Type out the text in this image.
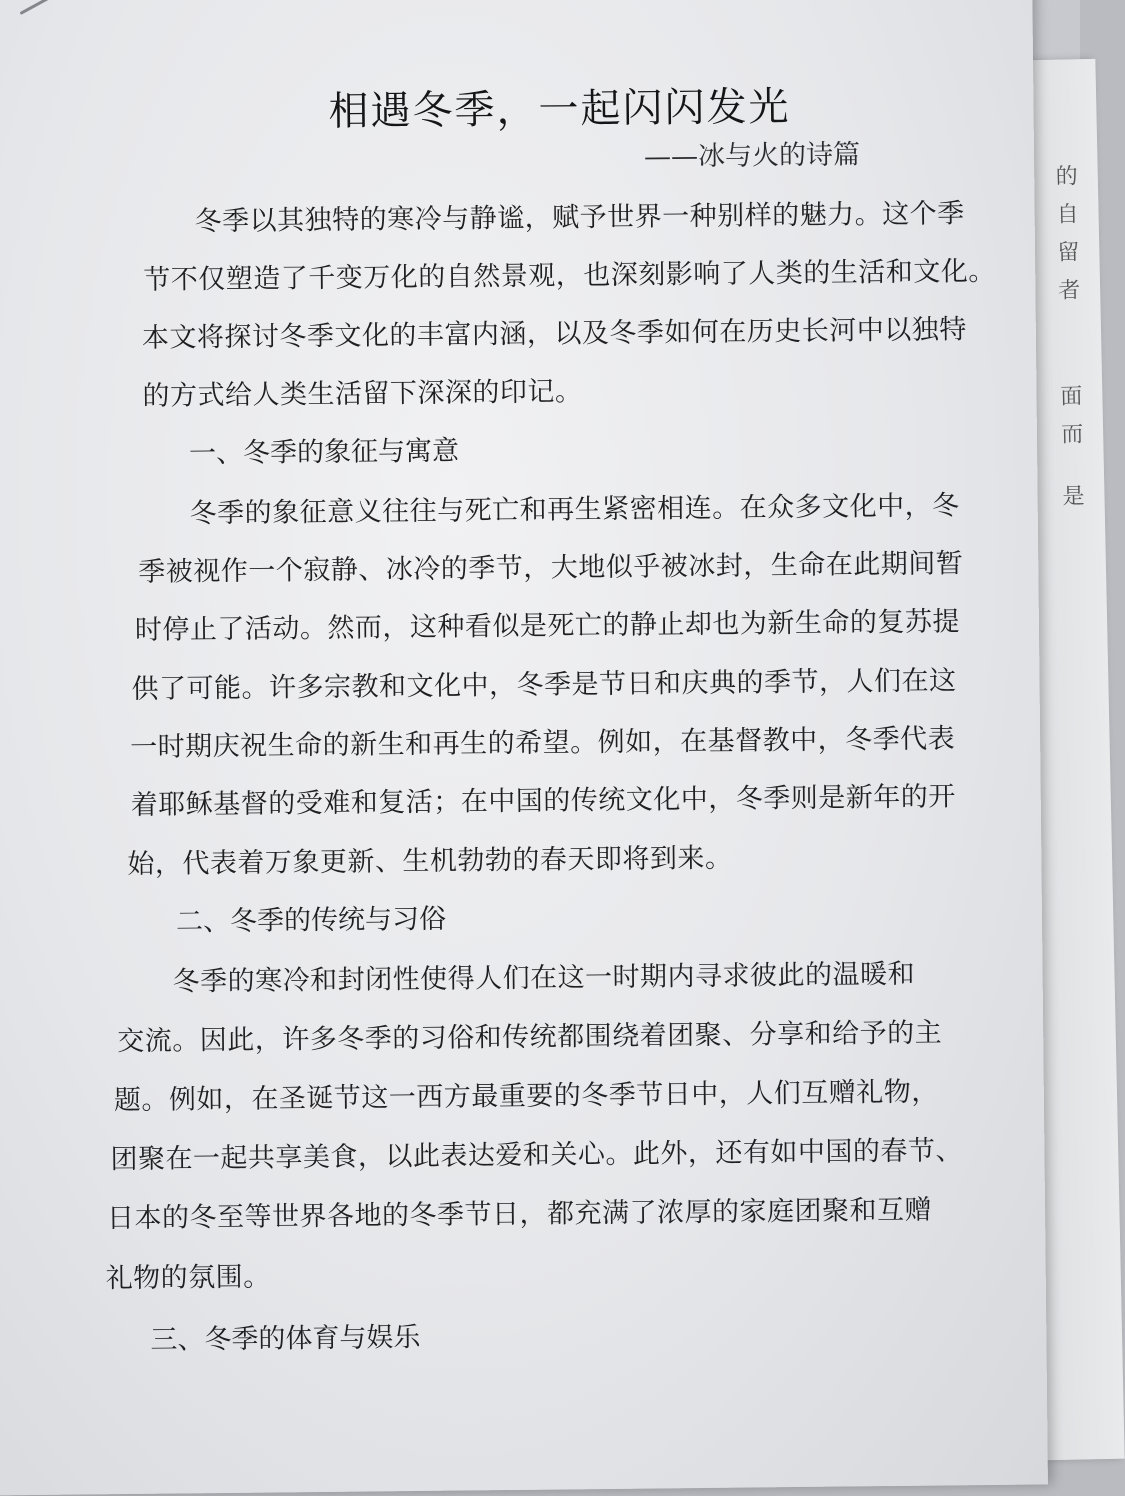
的
自
留
者
面
而
是
相遇冬季，一起闪闪发光
——冰与火的诗篇
冬季以其独特的寒冷与静谧，赋予世界一种别样的魅力。这个季
节不仅塑造了千变万化的自然景观，也深刻影响了人类的生活和文化。
本文将探讨冬季文化的丰富内涵，以及冬季如何在历史长河中以独特
的方式给人类生活留下深深的印记。
一、冬季的象征与寓意
冬季的象征意义往往与死亡和再生紧密相连。在众多文化中，冬
季被视作一个寂静、冰冷的季节，大地似乎被冰封，生命在此期间暂
时停止了活动。然而，这种看似是死亡的静止却也为新生命的复苏提
供了可能。许多宗教和文化中，冬季是节日和庆典的季节，人们在这
一时期庆祝生命的新生和再生的希望。例如，在基督教中，冬季代表
着耶稣基督的受难和复活；在中国的传统文化中，冬季则是新年的开
始，代表着万象更新、生机勃勃的春天即将到来。
二、冬季的传统与习俗
冬季的寒冷和封闭性使得人们在这一时期内寻求彼此的温暖和
交流。因此，许多冬季的习俗和传统都围绕着团聚、分享和给予的主
题。例如，在圣诞节这一西方最重要的冬季节日中，人们互赠礼物，
团聚在一起共享美食，以此表达爱和关心。此外，还有如中国的春节、
日本的冬至等世界各地的冬季节日，都充满了浓厚的家庭团聚和互赠
礼物的氛围。
三、冬季的体育与娱乐
